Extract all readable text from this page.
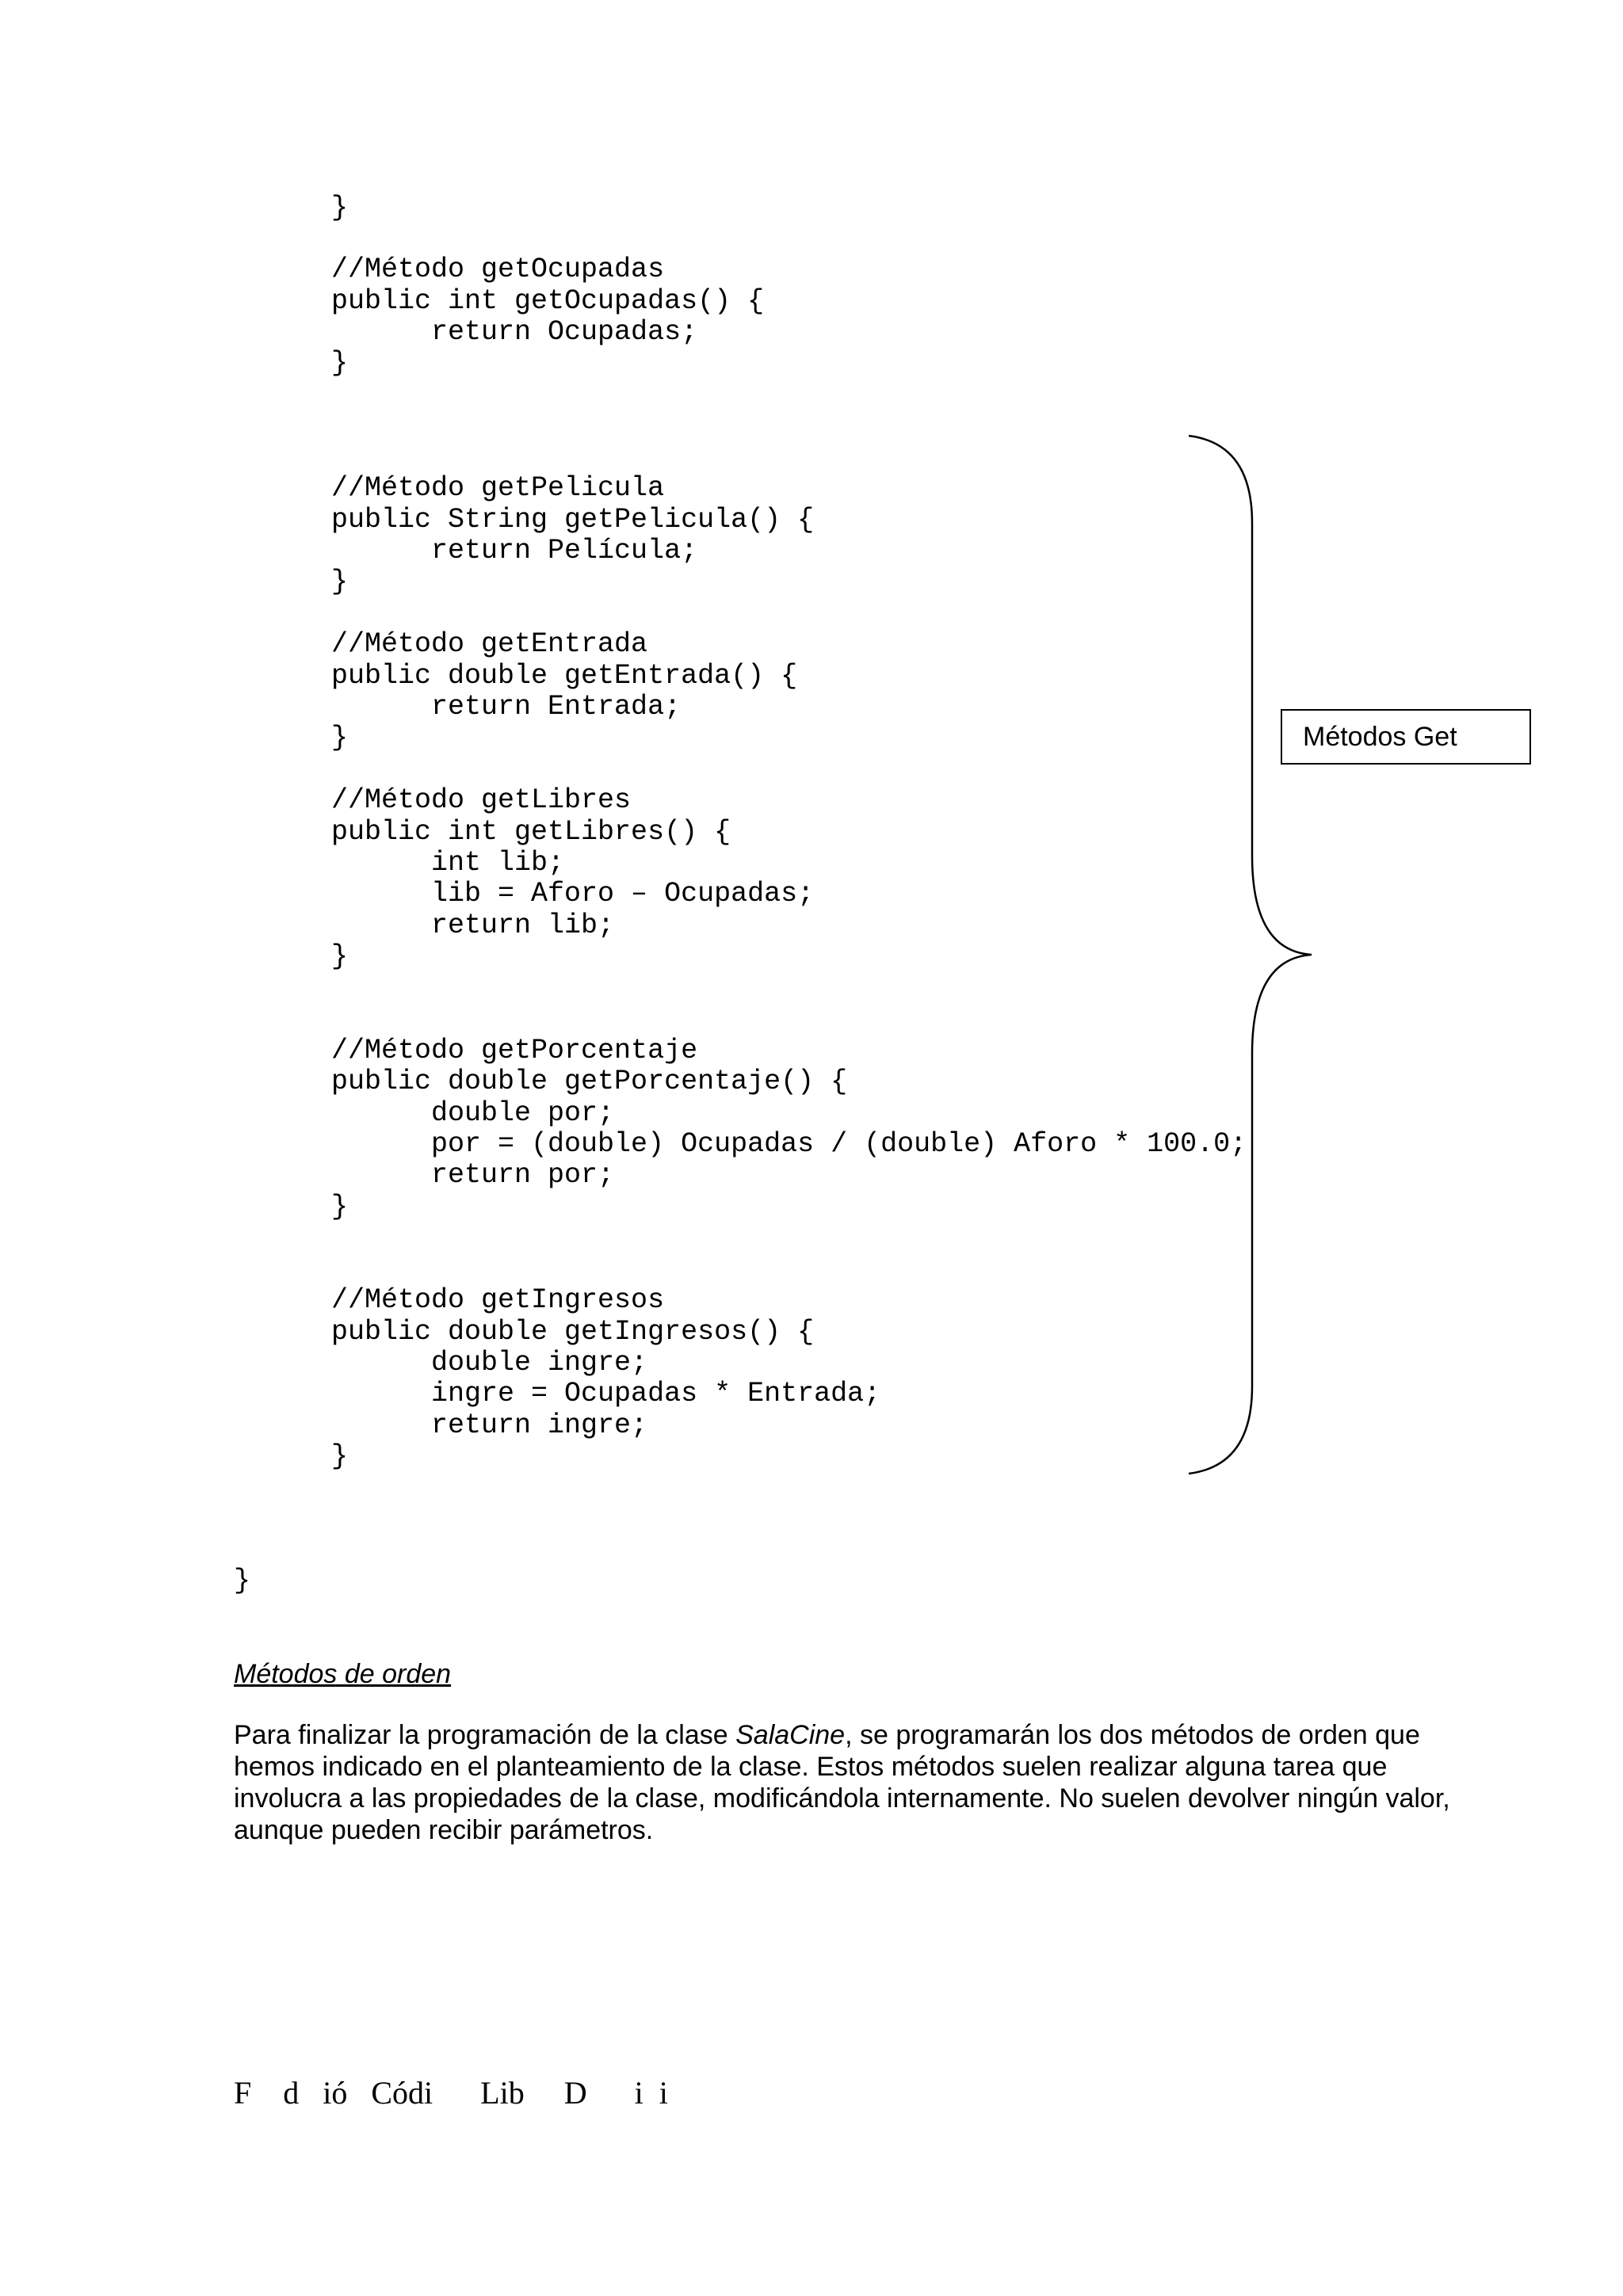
}
//Método getOcupadas
public int getOcupadas() {
return Ocupadas;
}
//Método getPelicula
public String getPelicula() {
return Película;
}
//Método getEntrada
public double getEntrada() {
return Entrada;
}
//Método getLibres
public int getLibres() {
int lib;
lib = Aforo – Ocupadas;
return lib;
}
//Método getPorcentaje
public double getPorcentaje() {
double por;
por = (double) Ocupadas / (double) Aforo * 100.0;
return por;
}
//Método getIngresos
public double getIngresos() {
double ingre;
ingre = Ocupadas * Entrada;
return ingre;
}
}
Métodos Get

Métodos de orden

Para finalizar la programación de la clase SalaCine, se programarán los dos métodos de orden que hemos indicado en el planteamiento de la clase. Estos métodos suelen realizar alguna tarea que involucra a las propiedades de la clase, modificándola internamente. No suelen devolver ningún valor, aunque pueden recibir parámetros.

F    d   ió   Códi      Lib     D      i  i
